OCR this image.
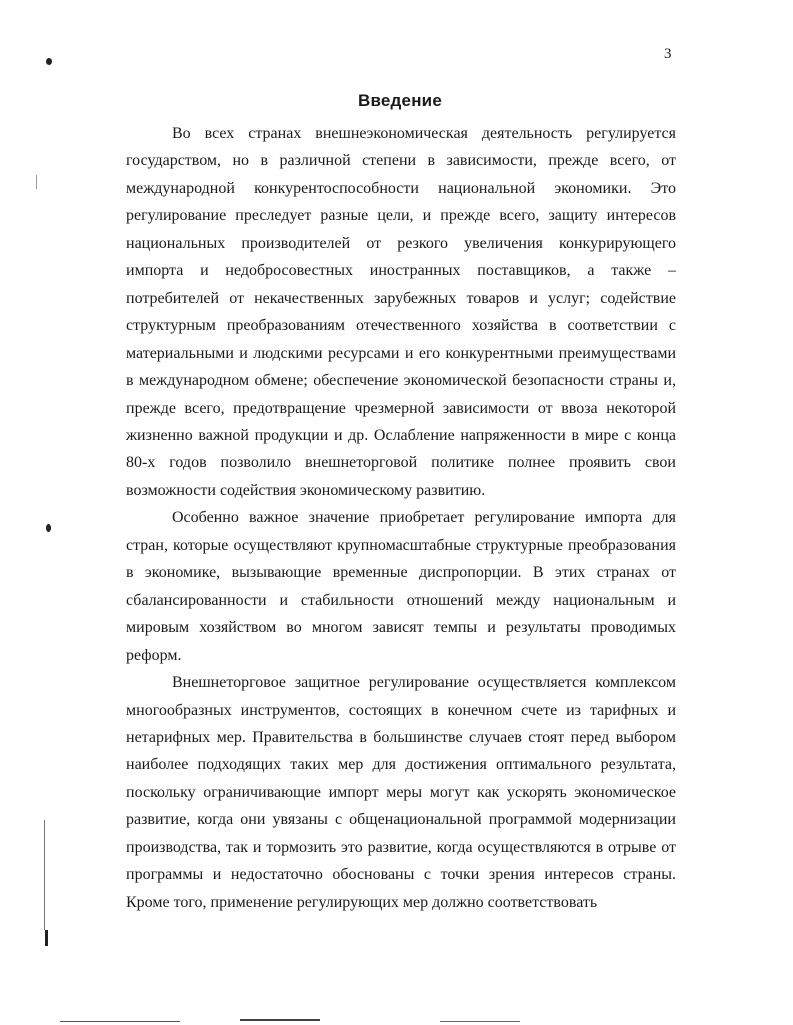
3
Введение

Во всех странах внешнеэкономическая деятельность регулируется государством, но в различной степени в зависимости, прежде всего, от международной конкурентоспособности национальной экономики. Это регулирование преследует разные цели, и прежде всего, защиту интересов национальных производителей от резкого увеличения конкурирующего импорта и недобросовестных иностранных поставщиков, а также – потребителей от некачественных зарубежных товаров и услуг; содействие структурным преобразованиям отечественного хозяйства в соответствии с материальными и людскими ресурсами и его конкурентными преимуществами в международном обмене; обеспечение экономической безопасности страны и, прежде всего, предотвращение чрезмерной зависимости от ввоза некоторой жизненно важной продукции и др. Ослабление напряженности в мире с конца 80-х годов позволило внешнеторговой политике полнее проявить свои возможности содействия экономическому развитию.

Особенно важное значение приобретает регулирование импорта для стран, которые осуществляют крупномасштабные структурные преобразования в экономике, вызывающие временные диспропорции. В этих странах от сбалансированности и стабильности отношений между национальным и мировым хозяйством во многом зависят темпы и результаты проводимых реформ.

Внешнеторговое защитное регулирование осуществляется комплексом многообразных инструментов, состоящих в конечном счете из тарифных и нетарифных мер. Правительства в большинстве случаев стоят перед выбором наиболее подходящих таких мер для достижения оптимального результата, поскольку ограничивающие импорт меры могут как ускорять экономическое развитие, когда они увязаны с общенациональной программой модернизации производства, так и тормозить это развитие, когда осуществляются в отрыве от программы и недостаточно обоснованы с точки зрения интересов страны. Кроме того, применение регулирующих мер должно соответствовать
